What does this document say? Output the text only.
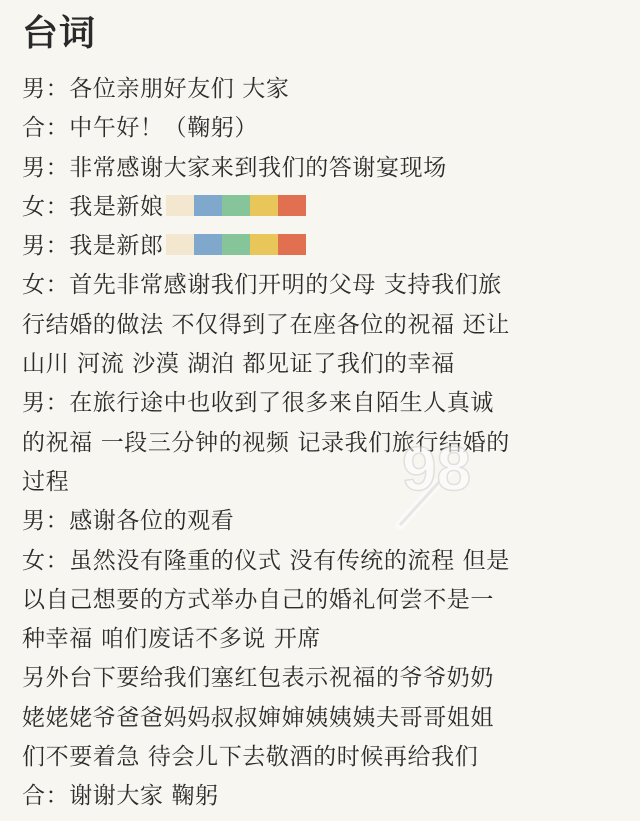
台词
男：各位亲朋好友们 大家
合：中午好！（鞠躬）
男：非常感谢大家来到我们的答谢宴现场
女：我是新娘
男：我是新郎
女：首先非常感谢我们开明的父母 支持我们旅
行结婚的做法 不仅得到了在座各位的祝福 还让
山川 河流 沙漠 湖泊 都见证了我们的幸福
男：在旅行途中也收到了很多来自陌生人真诚
的祝福 一段三分钟的视频 记录我们旅行结婚的
过程
男：感谢各位的观看
女：虽然没有隆重的仪式 没有传统的流程 但是
以自己想要的方式举办自己的婚礼何尝不是一
种幸福 咱们废话不多说 开席
另外台下要给我们塞红包表示祝福的爷爷奶奶
姥姥姥爷爸爸妈妈叔叔婶婶姨姨姨夫哥哥姐姐
们不要着急 待会儿下去敬酒的时候再给我们
合：谢谢大家 鞠躬
98
